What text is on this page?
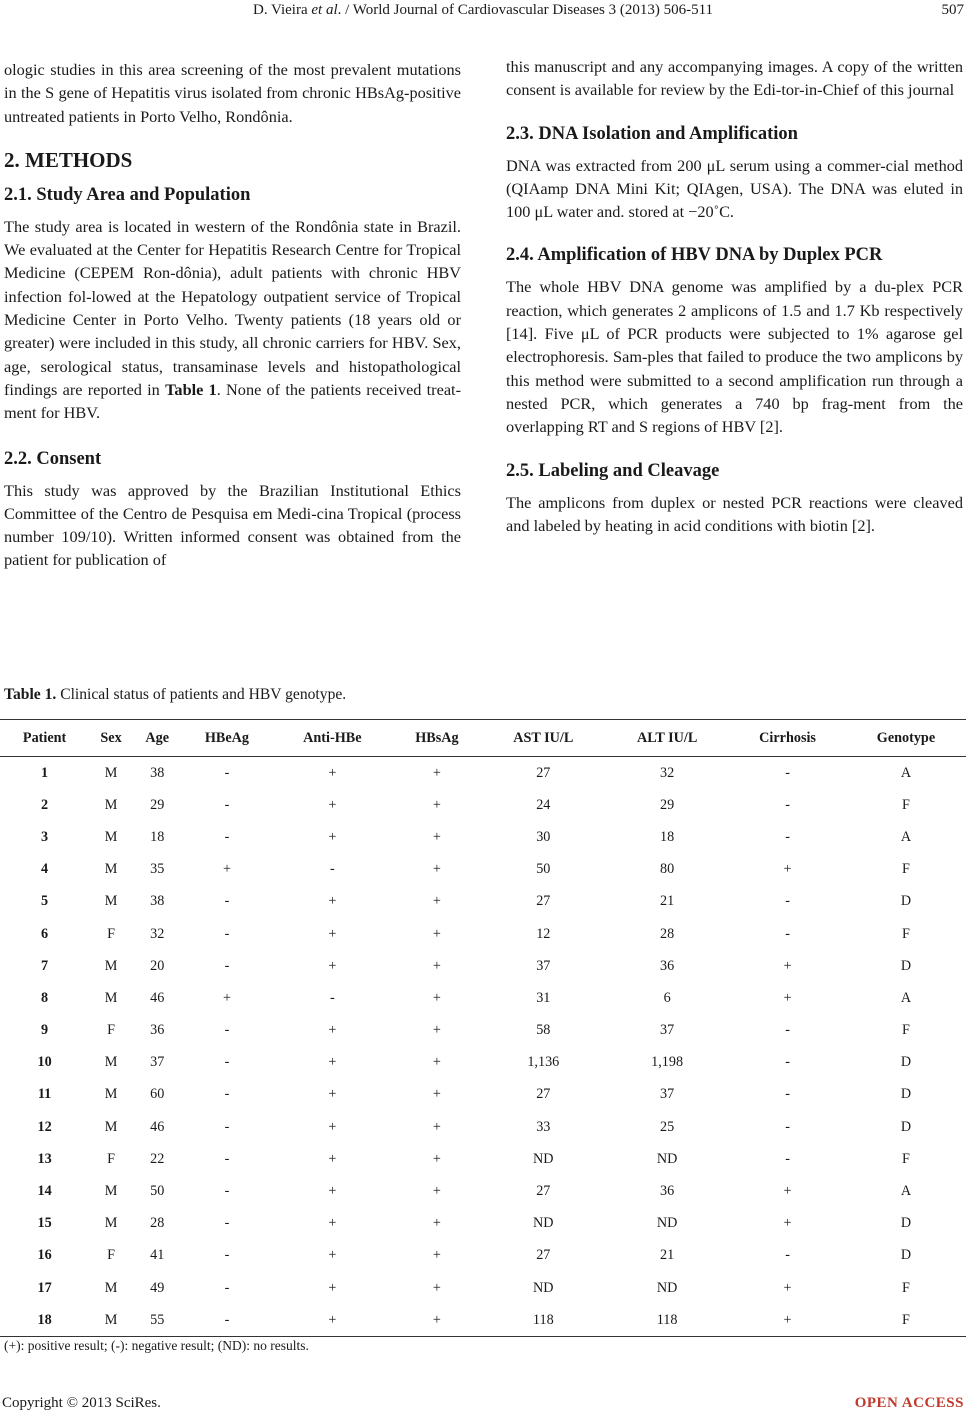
D. Vieira et al. / World Journal of Cardiovascular Diseases 3 (2013) 506-511	507

ologic studies in this area screening of the most prevalent mutations in the S gene of Hepatitis virus isolated from chronic HBsAg-positive untreated patients in Porto Velho, Rondônia.

2. METHODS
2.1. Study Area and Population

The study area is located in western of the Rondônia state in Brazil. We evaluated at the Center for Hepatitis Research Centre for Tropical Medicine (CEPEM Ron-dônia), adult patients with chronic HBV infection fol-lowed at the Hepatology outpatient service of Tropical Medicine Center in Porto Velho. Twenty patients (18 years old or greater) were included in this study, all chronic carriers for HBV. Sex, age, serological status, transaminase levels and histopathological findings are reported in Table 1. None of the patients received treat-ment for HBV.

2.2. Consent

This study was approved by the Brazilian Institutional Ethics Committee of the Centro de Pesquisa em Medi-cina Tropical (process number 109/10). Written informed consent was obtained from the patient for publication of

this manuscript and any accompanying images. A copy of the written consent is available for review by the Edi-tor-in-Chief of this journal

2.3. DNA Isolation and Amplification

DNA was extracted from 200 μL serum using a commer-cial method (QIAamp DNA Mini Kit; QIAgen, USA). The DNA was eluted in 100 μL water and. stored at −20˚C.

2.4. Amplification of HBV DNA by Duplex PCR

The whole HBV DNA genome was amplified by a du-plex PCR reaction, which generates 2 amplicons of 1.5 and 1.7 Kb respectively [14]. Five μL of PCR products were subjected to 1% agarose gel electrophoresis. Sam-ples that failed to produce the two amplicons by this method were submitted to a second amplification run through a nested PCR, which generates a 740 bp frag-ment from the overlapping RT and S regions of HBV [2].

2.5. Labeling and Cleavage

The amplicons from duplex or nested PCR reactions were cleaved and labeled by heating in acid conditions with biotin [2].

Table 1. Clinical status of patients and HBV genotype.
Patient	Sex	Age	HBeAg	Anti-HBe	HBsAg	AST IU/L	ALT IU/L	Cirrhosis	Genotype
1	M	38	-	+	+	27	32	-	A
2	M	29	-	+	+	24	29	-	F
3	M	18	-	+	+	30	18	-	A
4	M	35	+	-	+	50	80	+	F
5	M	38	-	+	+	27	21	-	D
6	F	32	-	+	+	12	28	-	F
7	M	20	-	+	+	37	36	+	D
8	M	46	+	-	+	31	6	+	A
9	F	36	-	+	+	58	37	-	F
10	M	37	-	+	+	1,136	1,198	-	D
11	M	60	-	+	+	27	37	-	D
12	M	46	-	+	+	33	25	-	D
13	F	22	-	+	+	ND	ND	-	F
14	M	50	-	+	+	27	36	+	A
15	M	28	-	+	+	ND	ND	+	D
16	F	41	-	+	+	27	21	-	D
17	M	49	-	+	+	ND	ND	+	F
18	M	55	-	+	+	118	118	+	F
(+): positive result; (-): negative result; (ND): no results.
Copyright © 2013 SciRes.	OPEN ACCESS
